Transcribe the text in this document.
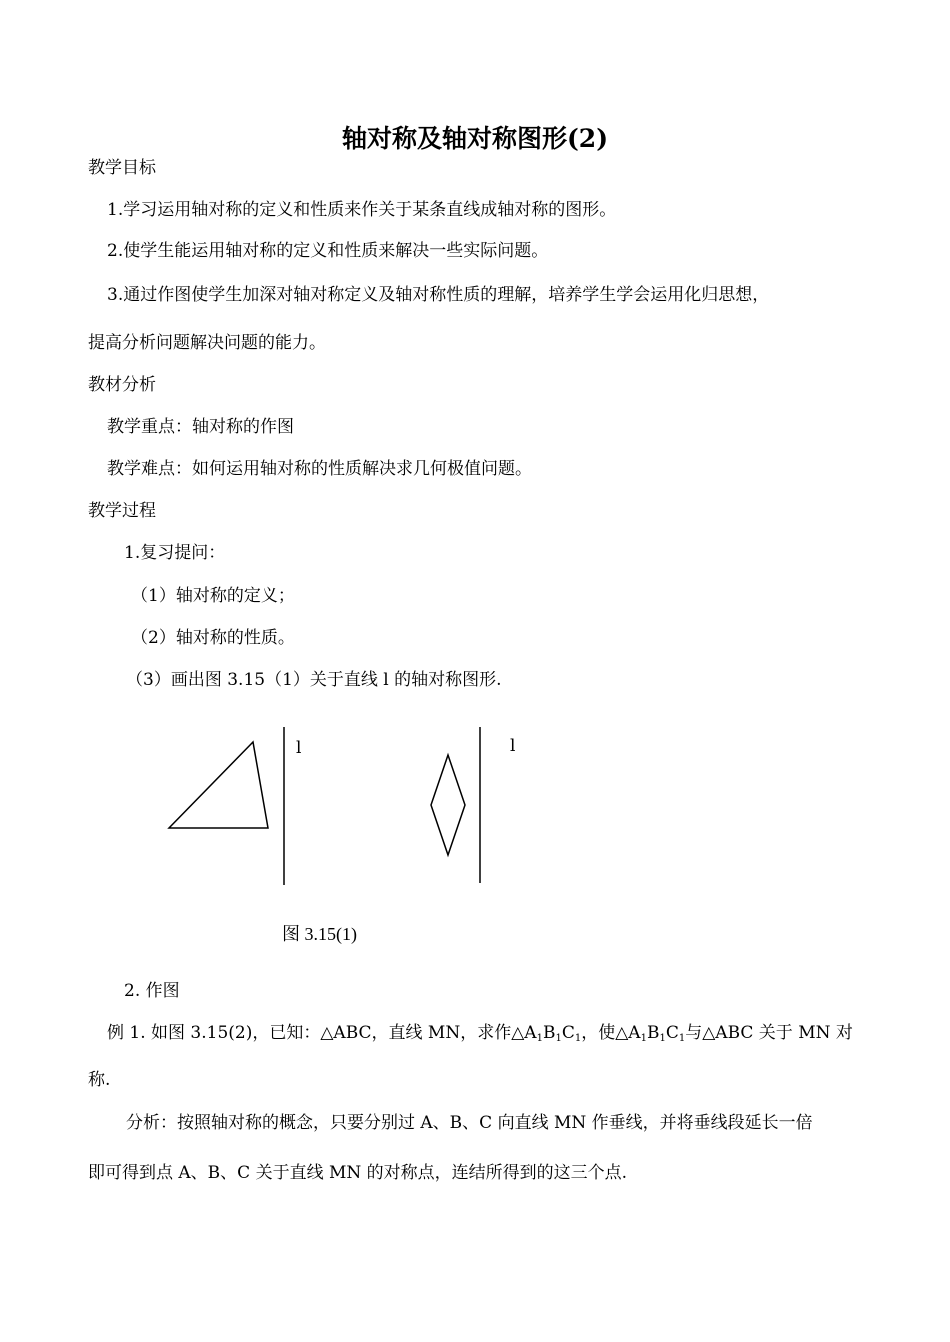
轴对称及轴对称图形(2)
教学目标
1.学习运用轴对称的定义和性质来作关于某条直线成轴对称的图形。
2.使学生能运用轴对称的定义和性质来解决一些实际问题。
3.通过作图使学生加深对轴对称定义及轴对称性质的理解，培养学生学会运用化归思想，
提高分析问题解决问题的能力。
教材分析
教学重点：轴对称的作图
教学难点：如何运用轴对称的性质解决求几何极值问题。
教学过程
1.复习提问：
（1）轴对称的定义；
（2）轴对称的性质。
（3）画出图 3.15（1）关于直线 l 的轴对称图形.
l	l
图 3.15(1)
2. 作图
例 1. 如图 3.15(2)，已知：△ABC，直线 MN，求作△A1B1C1，使△A1B1C1与△ABC 关于 MN 对
称.
分析：按照轴对称的概念，只要分别过 A、B、C 向直线 MN 作垂线，并将垂线段延长一倍
即可得到点 A、B、C 关于直线 MN 的对称点，连结所得到的这三个点.
